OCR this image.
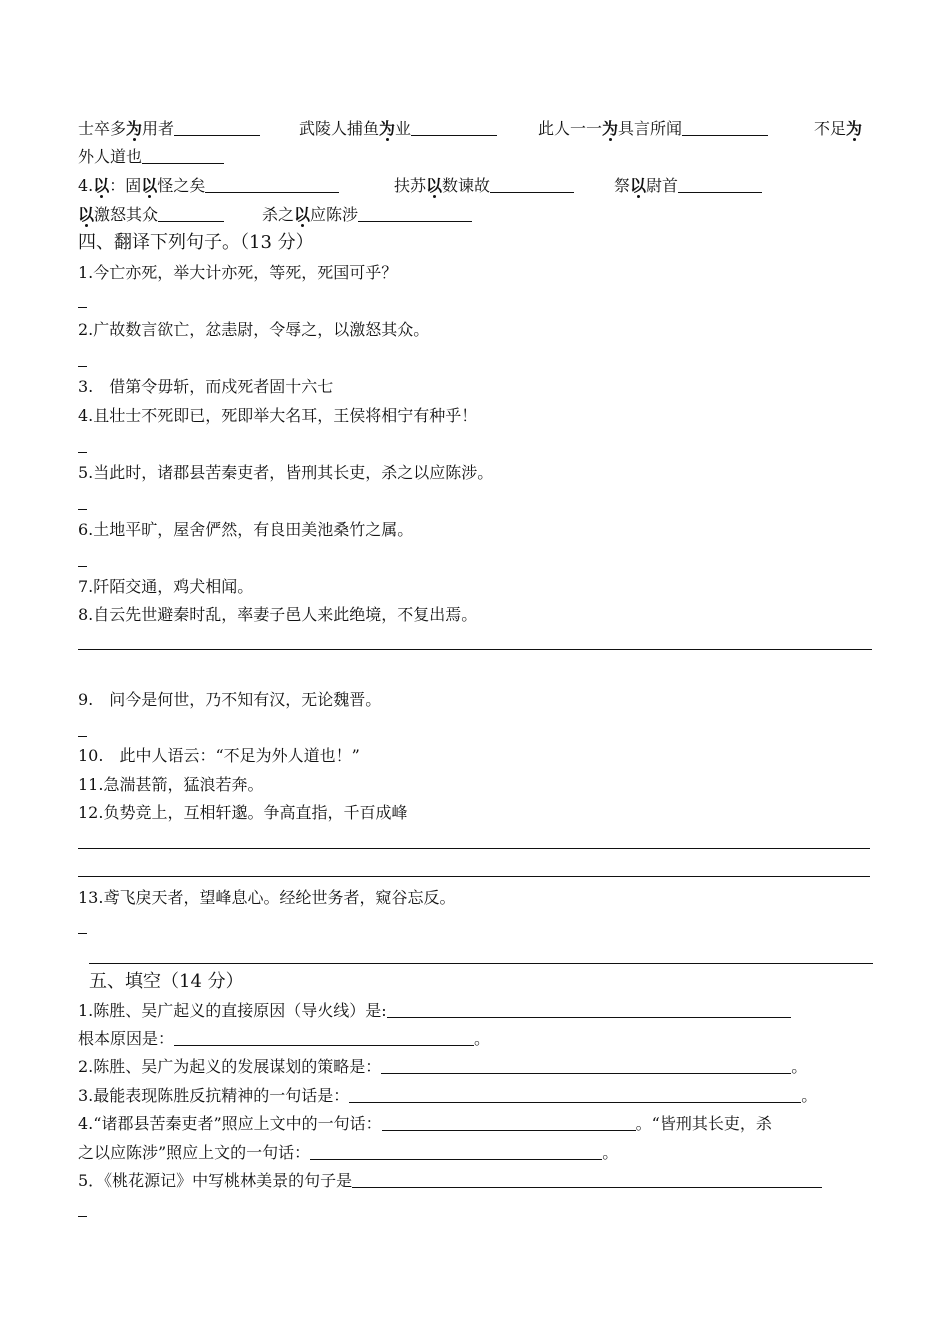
士卒多为用者	武陵人捕鱼为业	此人一一为具言所闻	不足为
外人道也
4.以：固以怪之矣	扶苏以数谏故	祭以尉首
以激怒其众	杀之以应陈涉
四、翻译下列句子。（13 分）
1.今亡亦死，举大计亦死，等死，死国可乎？
2.广故数言欲亡，忿恚尉，令辱之，以激怒其众。
3.　借第令毋斩，而戍死者固十六七
4.且壮士不死即已，死即举大名耳，王侯将相宁有种乎！
5.当此时，诸郡县苦秦吏者，皆刑其长吏，杀之以应陈涉。
6.土地平旷，屋舍俨然，有良田美池桑竹之属。
7.阡陌交通，鸡犬相闻。
8.自云先世避秦时乱，率妻子邑人来此绝境，不复出焉。
9.　问今是何世，乃不知有汉，无论魏晋。
10.　此中人语云：“不足为外人道也！”
11.急湍甚箭，猛浪若奔。
12.负势竞上，互相轩邈。争高直指，千百成峰
13.鸢飞戾天者，望峰息心。经纶世务者，窥谷忘反。
五、填空（14 分）
1.陈胜、吴广起义的直接原因（导火线）是:
根本原因是：	。
2.陈胜、吴广为起义的发展谋划的策略是：	。
3.最能表现陈胜反抗精神的一句话是：	。
4.“诸郡县苦秦吏者”照应上文中的一句话：	。“皆刑其长吏，杀
之以应陈涉”照应上文的一句话：	。
5．《桃花源记》中写桃林美景的句子是
